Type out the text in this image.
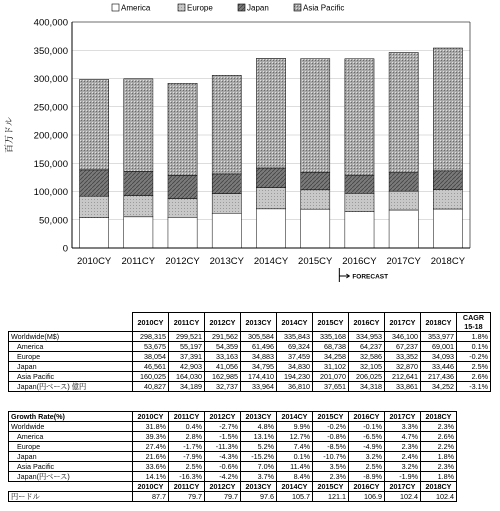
0
50,000
100,000
150,000
200,000
250,000
300,000
350,000
400,000
2010CY 2011CY 2012CY 2013CY 2014CY 2015CY 2016CY 2017CY 2018CY
America	Europe	Japan	Asia Pacific
百万ドル
FORECAST
	2010CY	2011CY	2012CY	2013CY	2014CY	2015CY	2016CY	2017CY	2018CY	CAGR
15-18

Worldwide(M$)	298,315	299,521	291,562	305,584	335,843	335,168	334,953	346,100	353,977	1.8%
America	53,675	55,197	54,359	61,496	69,324	68,738	64,237	67,237	69,001	0.1%
Europe	38,054	37,391	33,163	34,883	37,459	34,258	32,586	33,352	34,093	-0.2%
Japan	46,561	42,903	41,056	34,795	34,830	31,102	32,105	32,870	33,446	2.5%
Asia Pacific	160,025	164,030	162,985	174,410	194,230	201,070	206,025	212,641	217,436	2.6%
Japan(円ベース) 億円	40,827	34,189	32,737	33,964	36,810	37,651	34,318	33,861	34,252	-3.1%
Growth Rate(%)	2010CY	2011CY	2012CY	2013CY	2014CY	2015CY	2016CY	2017CY	2018CY
Worldwide	31.8%	0.4%	-2.7%	4.8%	9.9%	-0.2%	-0.1%	3.3%	2.3%
America	39.3%	2.8%	-1.5%	13.1%	12.7%	-0.8%	-6.5%	4.7%	2.6%
Europe	27.4%	-1.7%	-11.3%	5.2%	7.4%	-8.5%	-4.9%	2.3%	2.2%
Japan	21.6%	-7.9%	-4.3%	-15.2%	0.1%	-10.7%	3.2%	2.4%	1.8%
Asia Pacific	33.6%	2.5%	-0.6%	7.0%	11.4%	3.5%	2.5%	3.2%	2.3%
Japan(円ベース)	14.1%	-16.3%	-4.2%	3.7%	8.4%	2.3%	-8.9%	-1.9%	1.8%
	2010CY	2011CY	2012CY	2013CY	2014CY	2015CY	2016CY	2017CY	2018CY
円ードル	87.7	79.7	79.7	97.6	105.7	121.1	106.9	102.4	102.4
